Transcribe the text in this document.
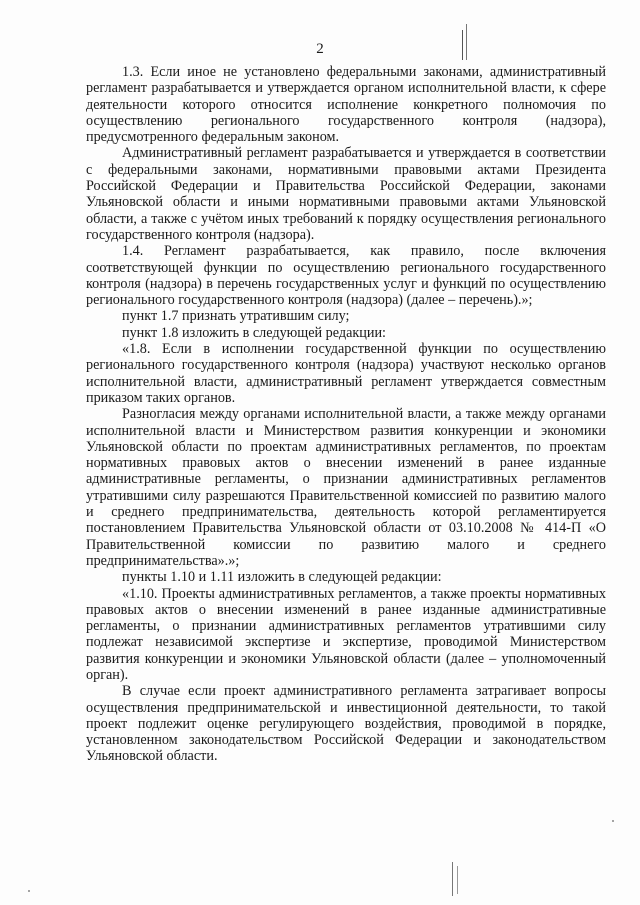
2

1.3. Если иное не установлено федеральными законами, административный регламент разрабатывается и утверждается органом исполнительной власти, к сфере деятельности которого относится исполнение конкретного полномочия по осуществлению регионального государственного контроля (надзора), предусмотренного федеральным законом.

Административный регламент разрабатывается и утверждается в соответствии с федеральными законами, нормативными правовыми актами Президента Российской Федерации и Правительства Российской Федерации, законами Ульяновской области и иными нормативными правовыми актами Ульяновской области, а также с учётом иных требований к порядку осуществления регионального государственного контроля (надзора).

1.4. Регламент разрабатывается, как правило, после включения соответствующей функции по осуществлению регионального государственного контроля (надзора) в перечень государственных услуг и функций по осуществлению регионального государственного контроля (надзора) (далее – перечень).»;

пункт 1.7 признать утратившим силу;

пункт 1.8 изложить в следующей редакции:

«1.8. Если в исполнении государственной функции по осуществлению регионального государственного контроля (надзора) участвуют несколько органов исполнительной власти, административный регламент утверждается совместным приказом таких органов.

Разногласия между органами исполнительной власти, а также между органами исполнительной власти и Министерством развития конкуренции и экономики Ульяновской области по проектам административных регламентов, по проектам нормативных правовых актов о внесении изменений в ранее изданные административные регламенты, о признании административных регламентов утратившими силу разрешаются Правительственной комиссией по развитию малого и среднего предпринимательства, деятельность которой регламентируется постановлением Правительства Ульяновской области от 03.10.2008 № 414-П «О Правительственной комиссии по развитию малого и среднего предпринимательства».»;

пункты 1.10 и 1.11 изложить в следующей редакции:

«1.10. Проекты административных регламентов, а также проекты нормативных правовых актов о внесении изменений в ранее изданные административные регламенты, о признании административных регламентов утратившими силу подлежат независимой экспертизе и экспертизе, проводимой Министерством развития конкуренции и экономики Ульяновской области (далее – уполномоченный орган).

В случае если проект административного регламента затрагивает вопросы осуществления предпринимательской и инвестиционной деятельности, то такой проект подлежит оценке регулирующего воздействия, проводимой в порядке, установленном законодательством Российской Федерации и законодательством Ульяновской области.
